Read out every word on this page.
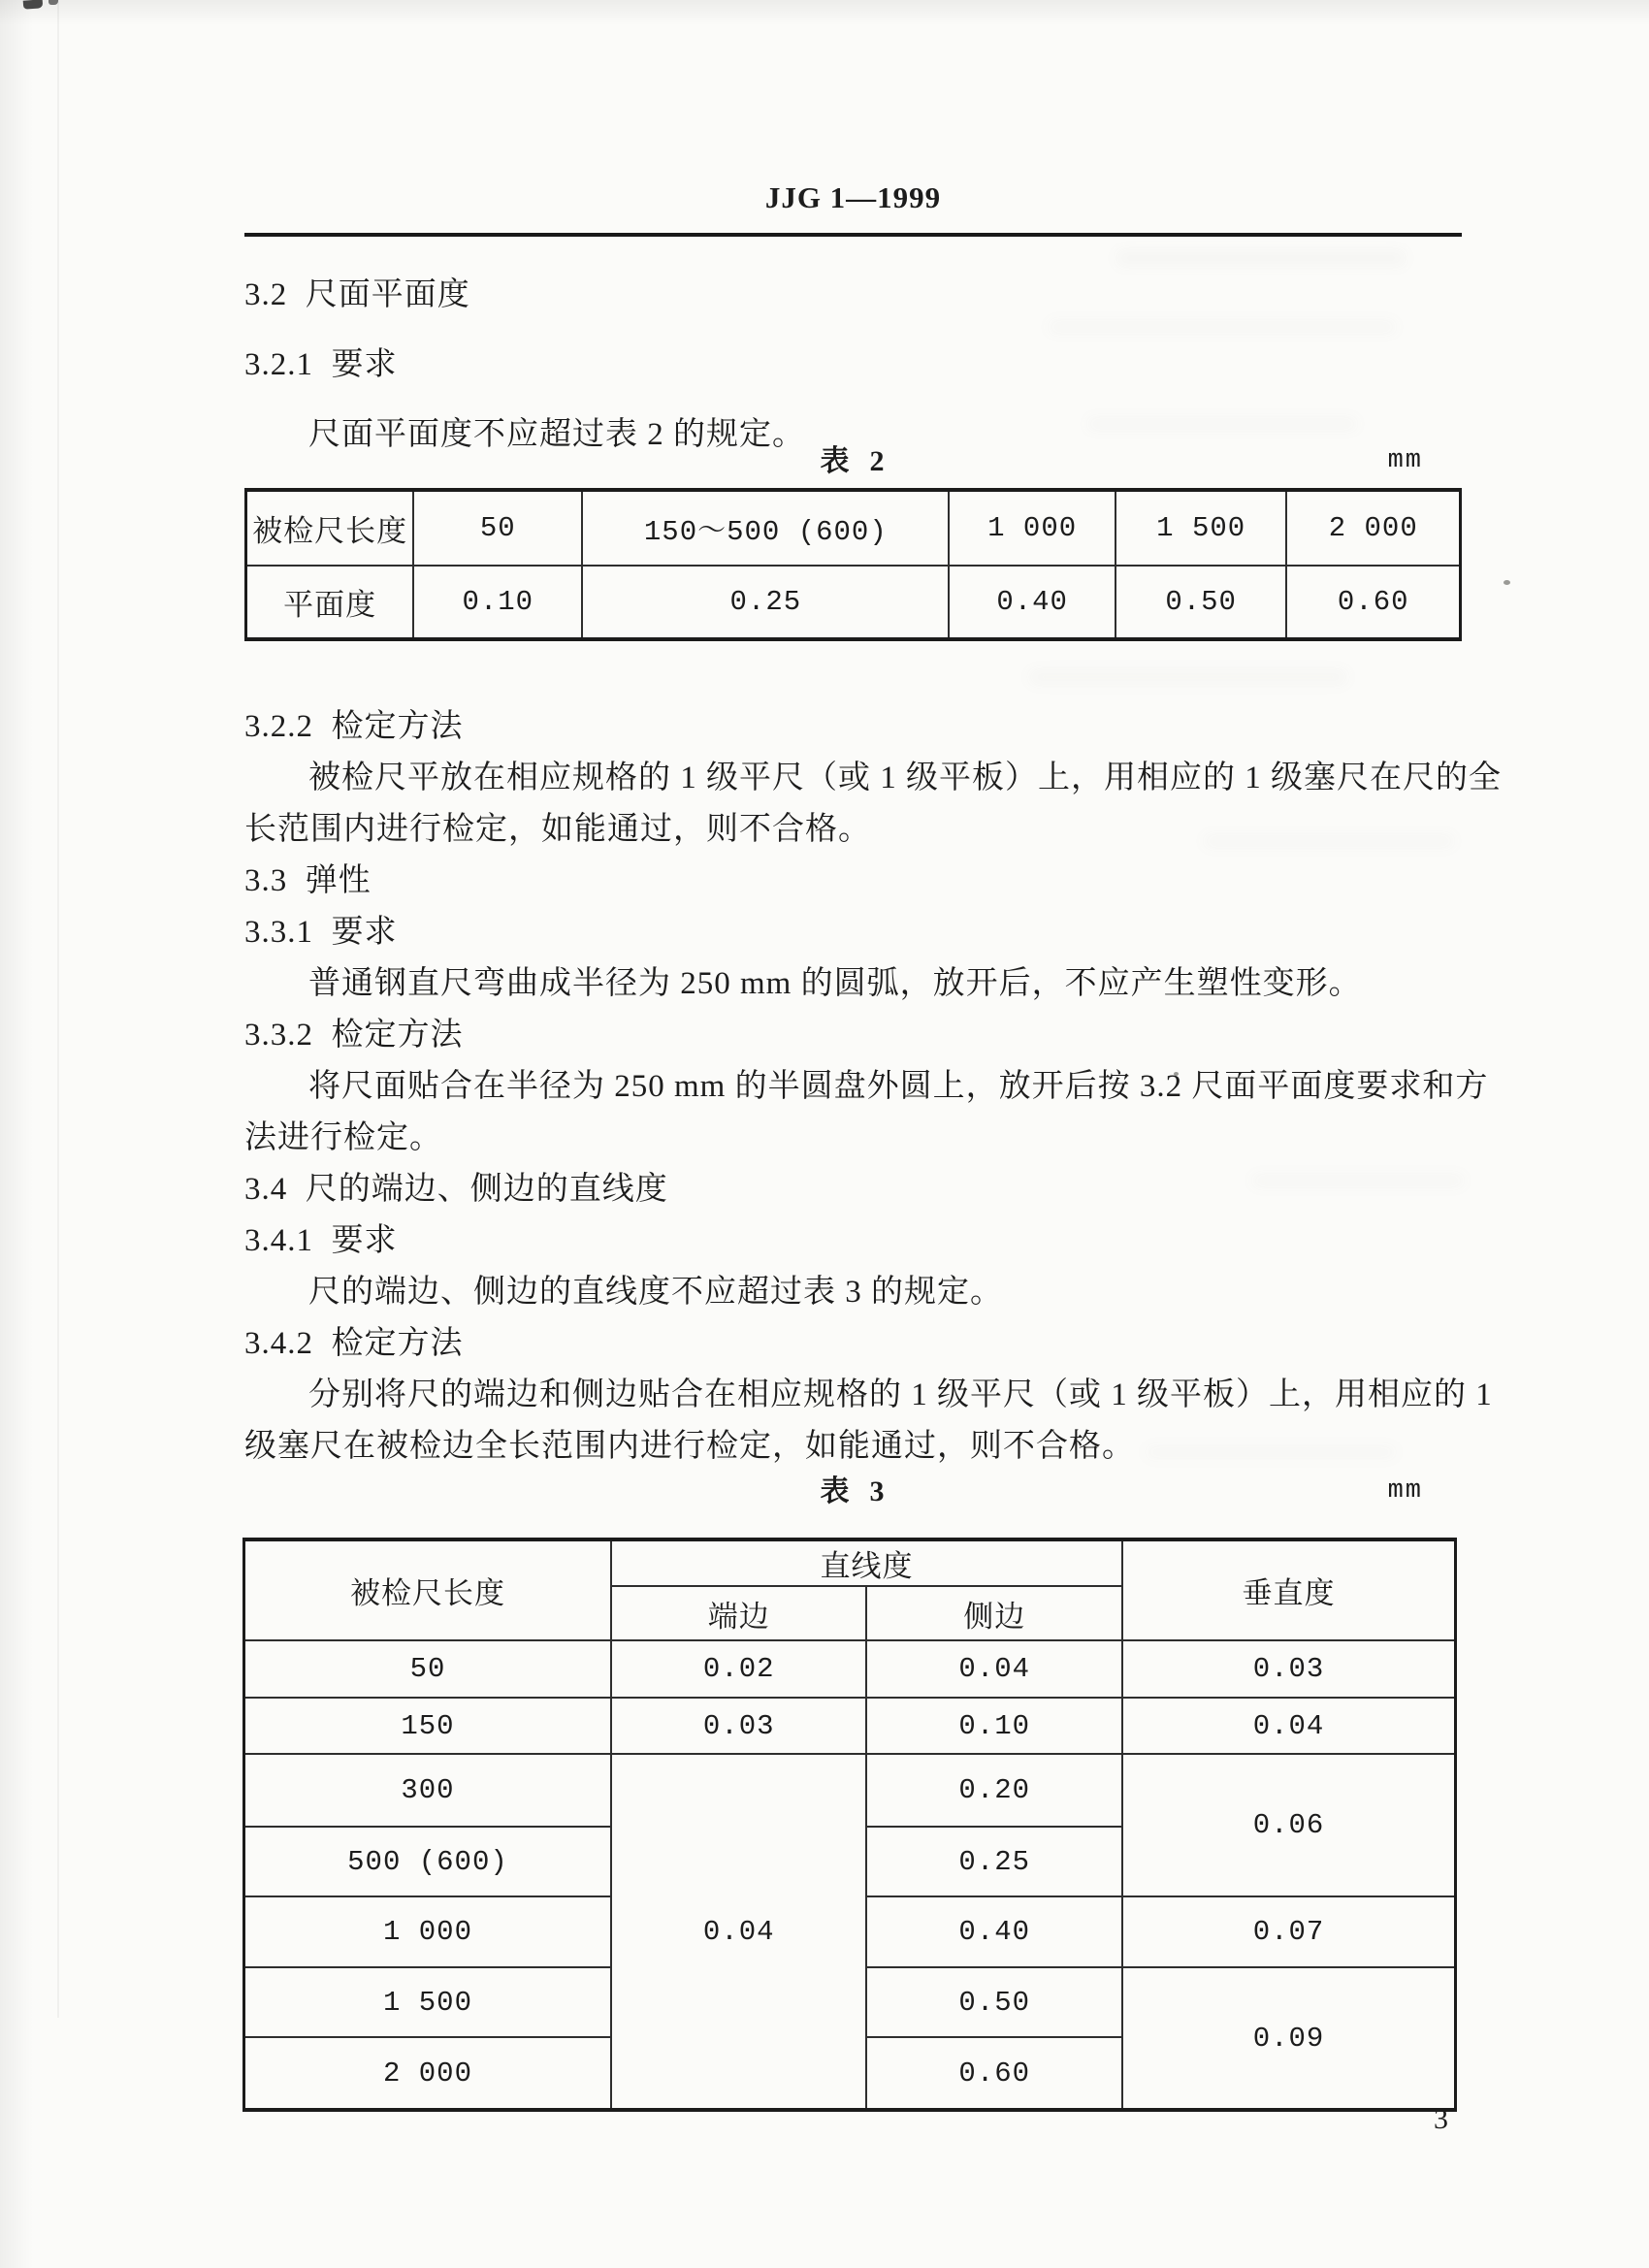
JJG 1—1999
3.2  尺面平面度
3.2.1  要求
尺面平面度不应超过表 2 的规定。
表  2	mm
被检尺长度	50	150～500 (600)	1 000	1 500	2 000
平面度	0.10	0.25	0.40	0.50	0.60
3.2.2  检定方法
被检尺平放在相应规格的 1 级平尺（或 1 级平板）上，用相应的 1 级塞尺在尺的全
长范围内进行检定，如能通过，则不合格。
3.3  弹性
3.3.1  要求
普通钢直尺弯曲成半径为 250 mm 的圆弧，放开后，不应产生塑性变形。
3.3.2  检定方法
将尺面贴合在半径为 250 mm 的半圆盘外圆上，放开后按 3.2 尺面平面度要求和方
法进行检定。
3.4  尺的端边、侧边的直线度
3.4.1  要求
尺的端边、侧边的直线度不应超过表 3 的规定。
3.4.2  检定方法
分别将尺的端边和侧边贴合在相应规格的 1 级平尺（或 1 级平板）上，用相应的 1
级塞尺在被检边全长范围内进行检定，如能通过，则不合格。
表  3	mm
被检尺长度	直线度		垂直度
	端边	侧边	
50	0.02	0.04	0.03
150	0.03	0.10	0.04
300	0.04	0.20	0.06
500 (600)		0.25	
1 000		0.40	0.07
1 500		0.50	0.09
2 000		0.60	
3
